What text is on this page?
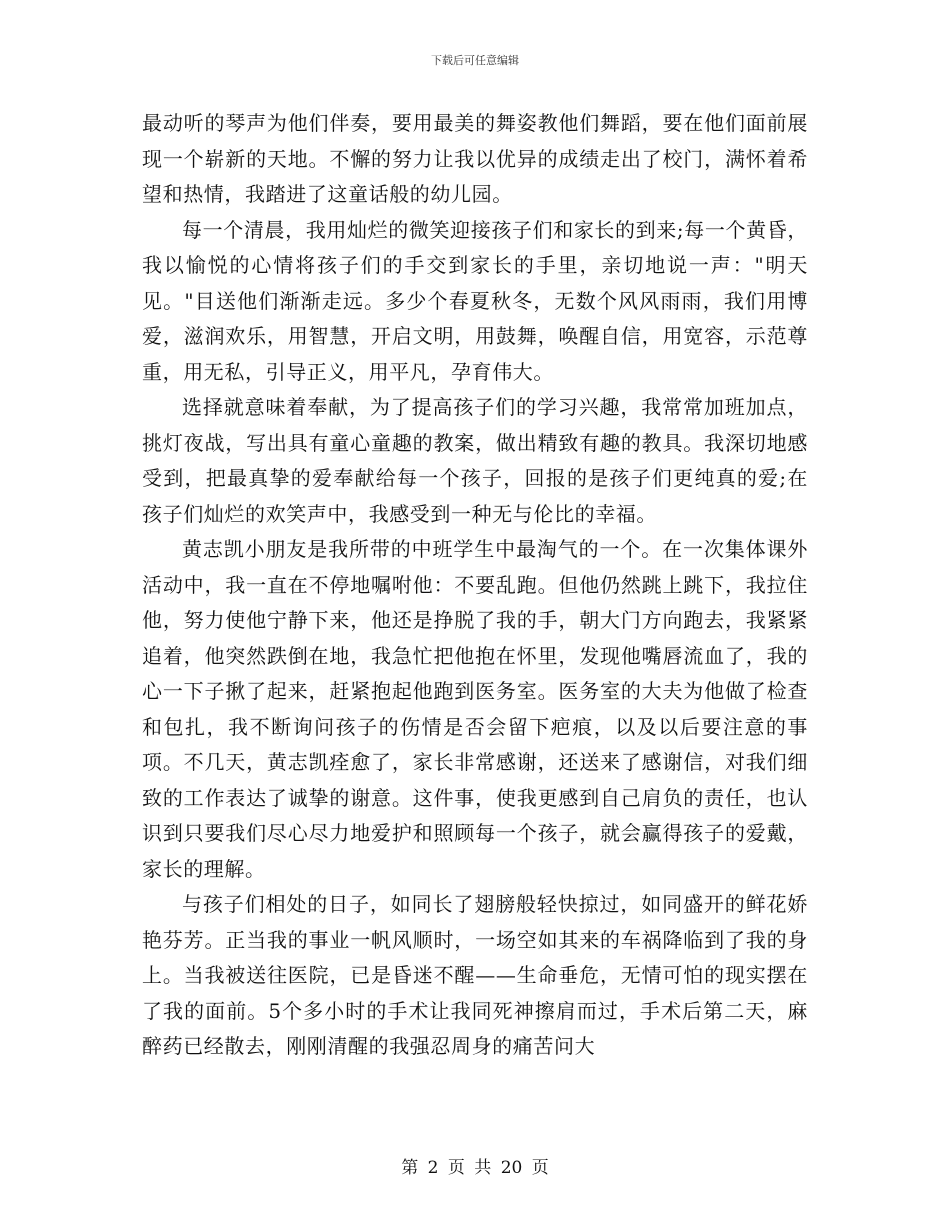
下载后可任意编辑

最动听的琴声为他们伴奏，要用最美的舞姿教他们舞蹈，要在他们面前展现一个崭新的天地。不懈的努力让我以优异的成绩走出了校门，满怀着希望和热情，我踏进了这童话般的幼儿园。

每一个清晨，我用灿烂的微笑迎接孩子们和家长的到来;每一个黄昏，我以愉悦的心情将孩子们的手交到家长的手里，亲切地说一声："明天见。"目送他们渐渐走远。多少个春夏秋冬，无数个风风雨雨，我们用博爱，滋润欢乐，用智慧，开启文明，用鼓舞，唤醒自信，用宽容，示范尊重，用无私，引导正义，用平凡，孕育伟大。

选择就意味着奉献，为了提高孩子们的学习兴趣，我常常加班加点，挑灯夜战，写出具有童心童趣的教案，做出精致有趣的教具。我深切地感受到，把最真挚的爱奉献给每一个孩子，回报的是孩子们更纯真的爱;在孩子们灿烂的欢笑声中，我感受到一种无与伦比的幸福。

黄志凯小朋友是我所带的中班学生中最淘气的一个。在一次集体课外活动中，我一直在不停地嘱咐他：不要乱跑。但他仍然跳上跳下，我拉住他，努力使他宁静下来，他还是挣脱了我的手，朝大门方向跑去，我紧紧追着，他突然跌倒在地，我急忙把他抱在怀里，发现他嘴唇流血了，我的心一下子揪了起来，赶紧抱起他跑到医务室。医务室的大夫为他做了检查和包扎，我不断询问孩子的伤情是否会留下疤痕，以及以后要注意的事项。不几天，黄志凯痊愈了，家长非常感谢，还送来了感谢信，对我们细致的工作表达了诚挚的谢意。这件事，使我更感到自己肩负的责任，也认识到只要我们尽心尽力地爱护和照顾每一个孩子，就会赢得孩子的爱戴，家长的理解。

与孩子们相处的日子，如同长了翅膀般轻快掠过，如同盛开的鲜花娇艳芬芳。正当我的事业一帆风顺时，一场空如其来的车祸降临到了我的身上。当我被送往医院，已是昏迷不醒——生命垂危，无情可怕的现实摆在了我的面前。5个多小时的手术让我同死神擦肩而过，手术后第二天，麻醉药已经散去，刚刚清醒的我强忍周身的痛苦问大

第 2 页 共 20 页
